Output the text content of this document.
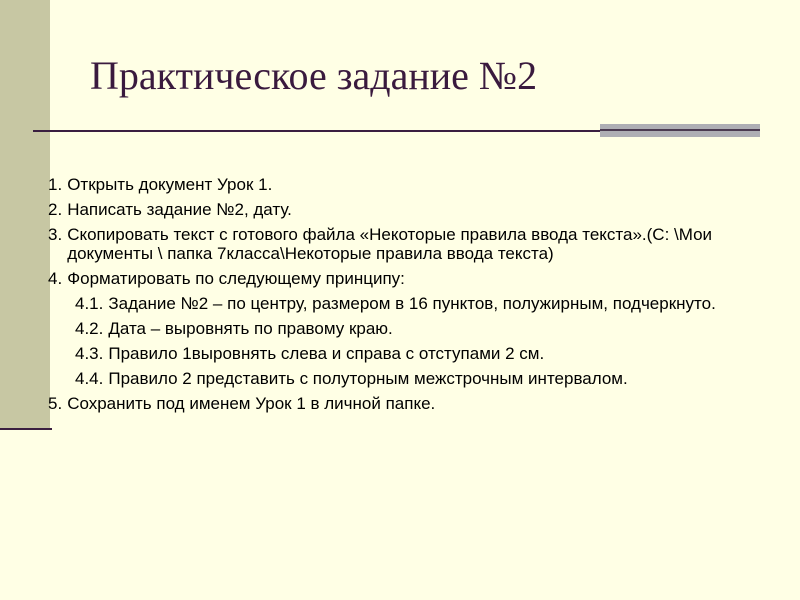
Практическое задание №2
1. Открыть документ Урок 1.
2. Написать задание №2, дату.
3. Скопировать текст с готового файла «Некоторые правила ввода текста».(С: \Мои документы \ папка 7класса\Некоторые правила ввода текста)
4. Форматировать по следующему принципу:
4.1. Задание №2 – по центру, размером в 16 пунктов, полужирным, подчеркнуто.
4.2. Дата – выровнять по правому краю.
4.3. Правило 1выровнять слева и справа с отступами 2 см.
4.4. Правило 2 представить с полуторным межстрочным интервалом.
5. Сохранить под именем Урок 1 в личной папке.
